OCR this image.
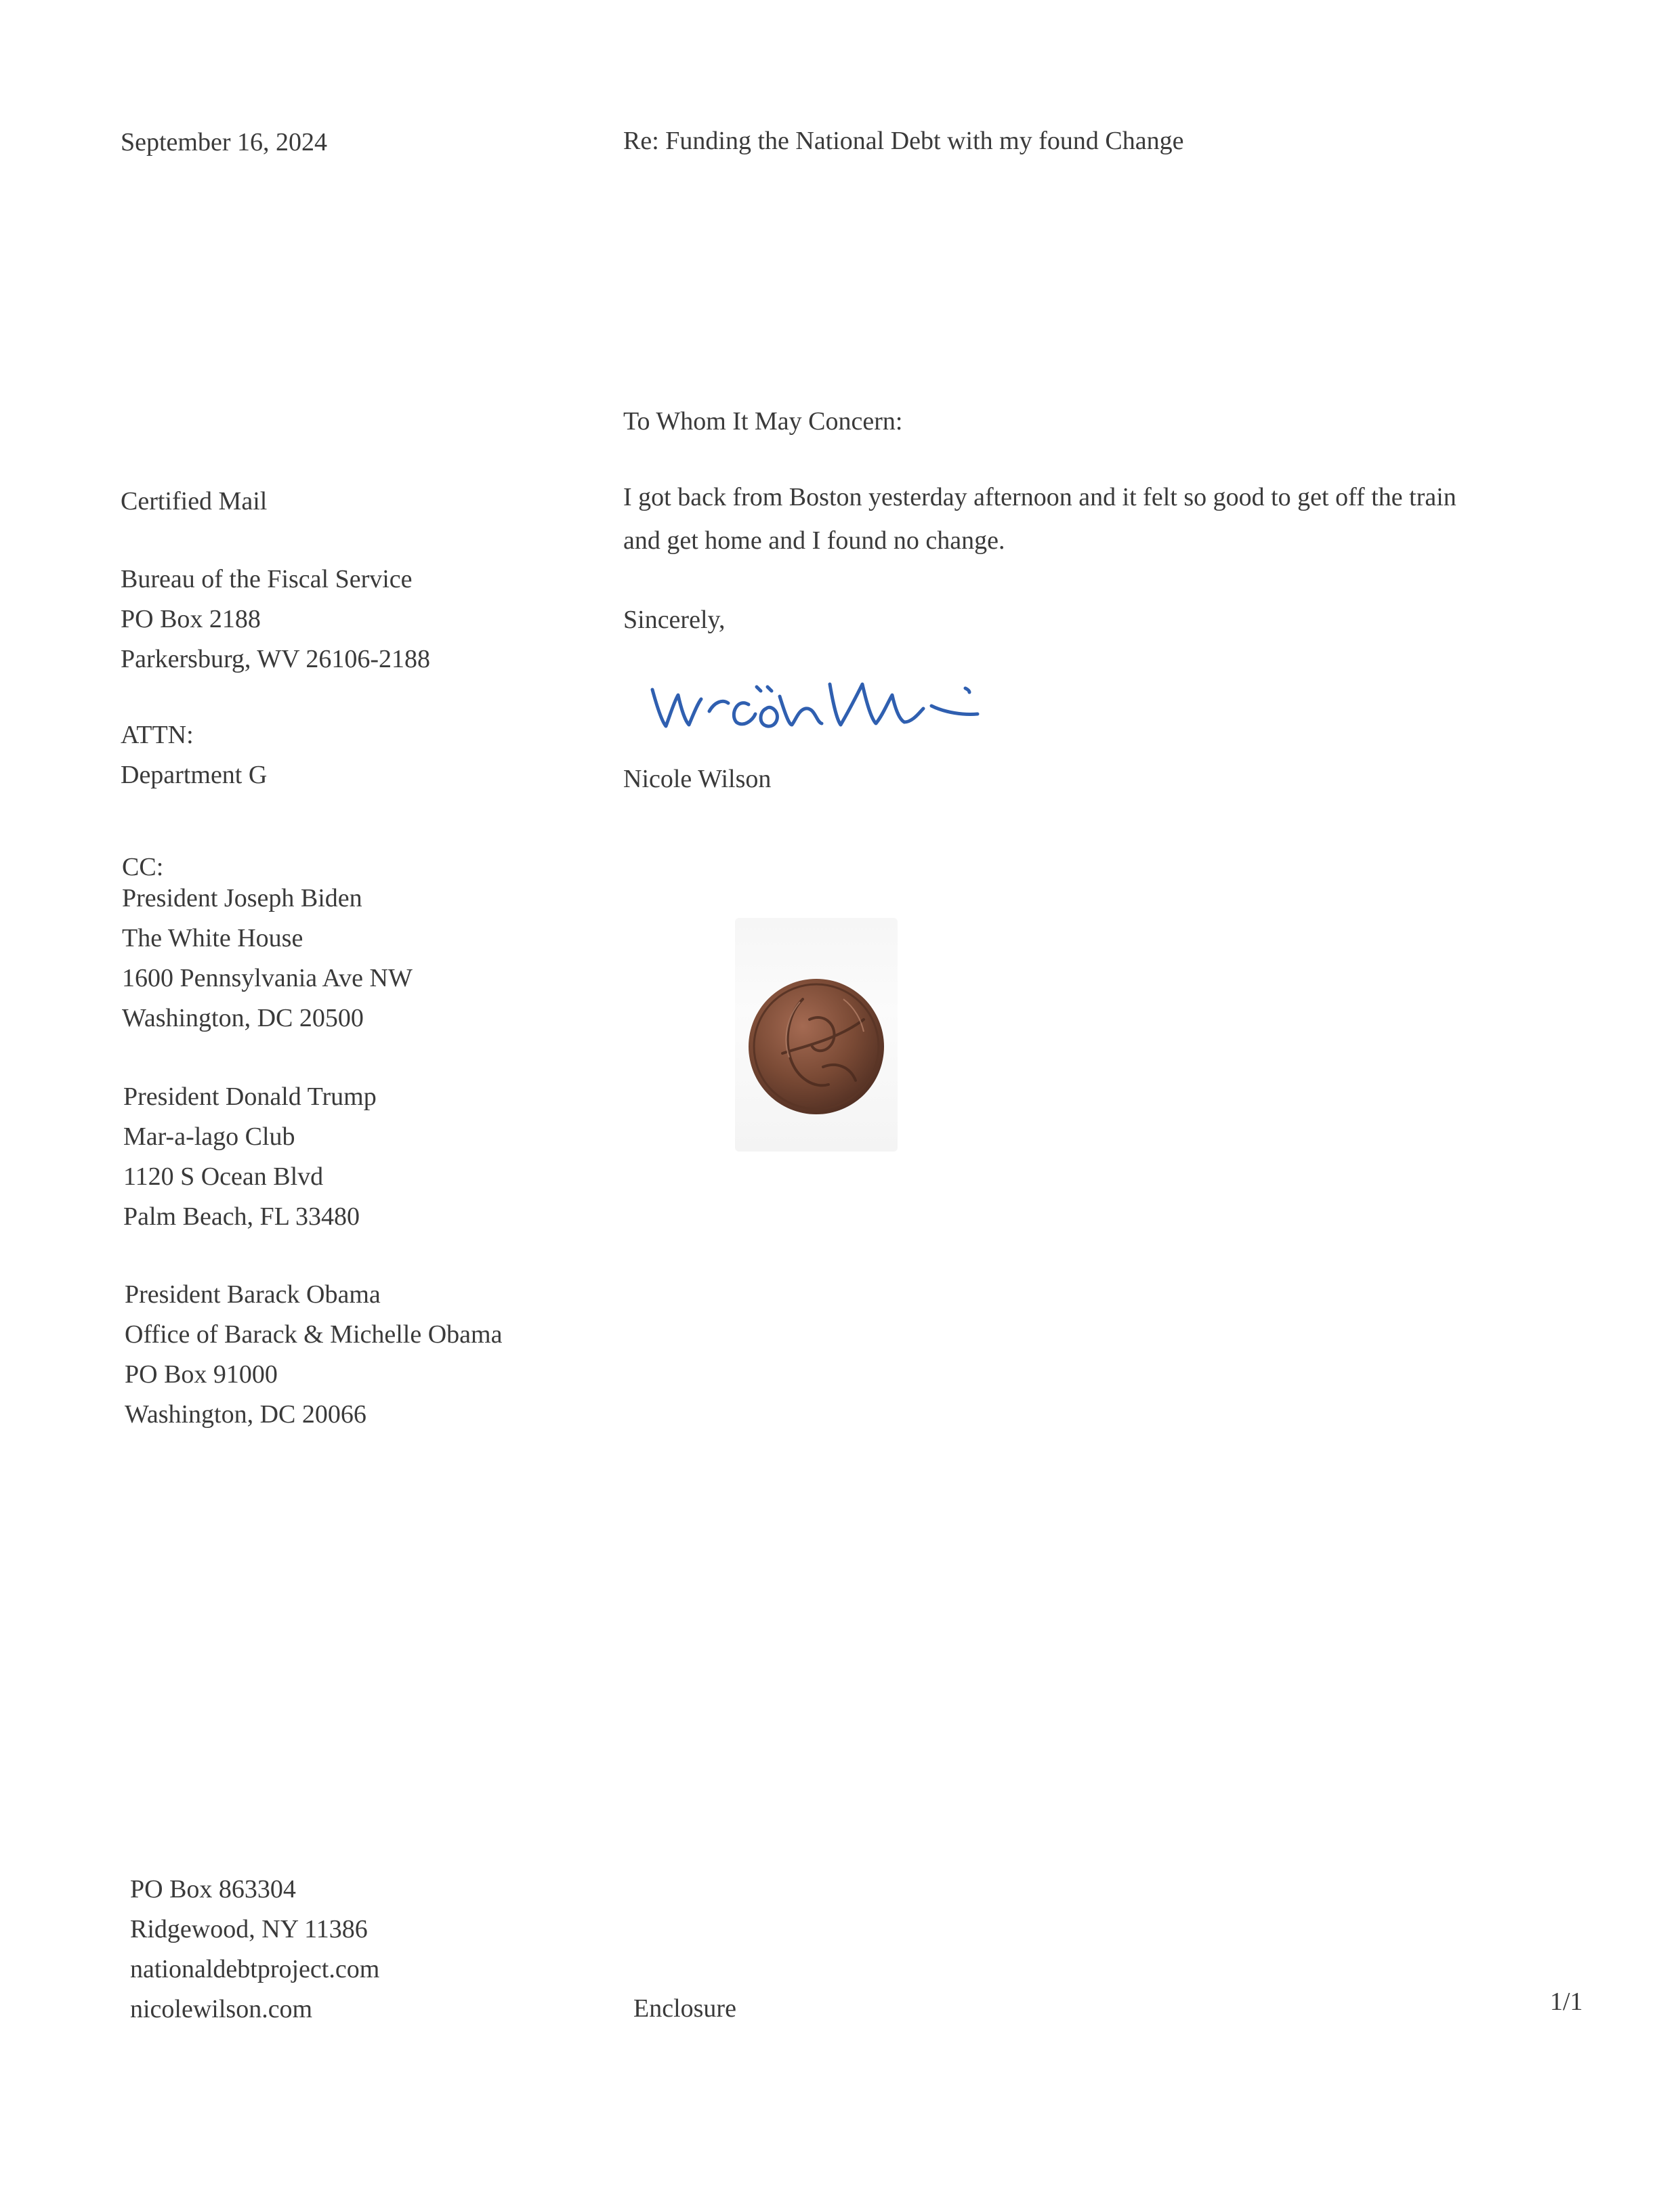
September 16, 2024	Re: Funding the National Debt with my found Change
To Whom It May Concern:
Certified Mail	I got back from Boston yesterday afternoon and it felt so good to get off the train
and get home and I found no change.
Bureau of the Fiscal Service
PO Box 2188
Parkersburg, WV 26106-2188
Sincerely,
ATTN:
Department G	Nicole Wilson
CC:
President Joseph Biden
The White House
1600 Pennsylvania Ave NW
Washington, DC 20500
President Donald Trump
Mar-a-lago Club
1120 S Ocean Blvd
Palm Beach, FL 33480
President Barack Obama
Office of Barack & Michelle Obama
PO Box 91000
Washington, DC 20066
PO Box 863304
Ridgewood, NY 11386
nationaldebtproject.com
nicolewilson.com	Enclosure	1/1
